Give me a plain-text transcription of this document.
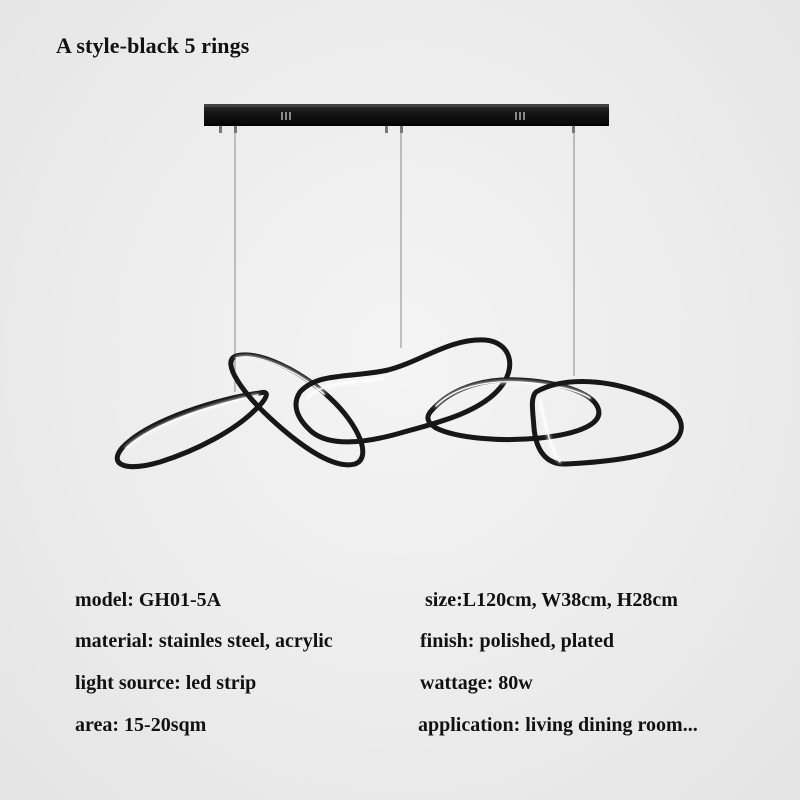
A style-black 5 rings
model: GH01-5A	size:L120cm, W38cm, H28cm
material: stainles steel, acrylic	finish: polished, plated
light source: led strip	wattage: 80w
area: 15-20sqm	application: living dining room...
